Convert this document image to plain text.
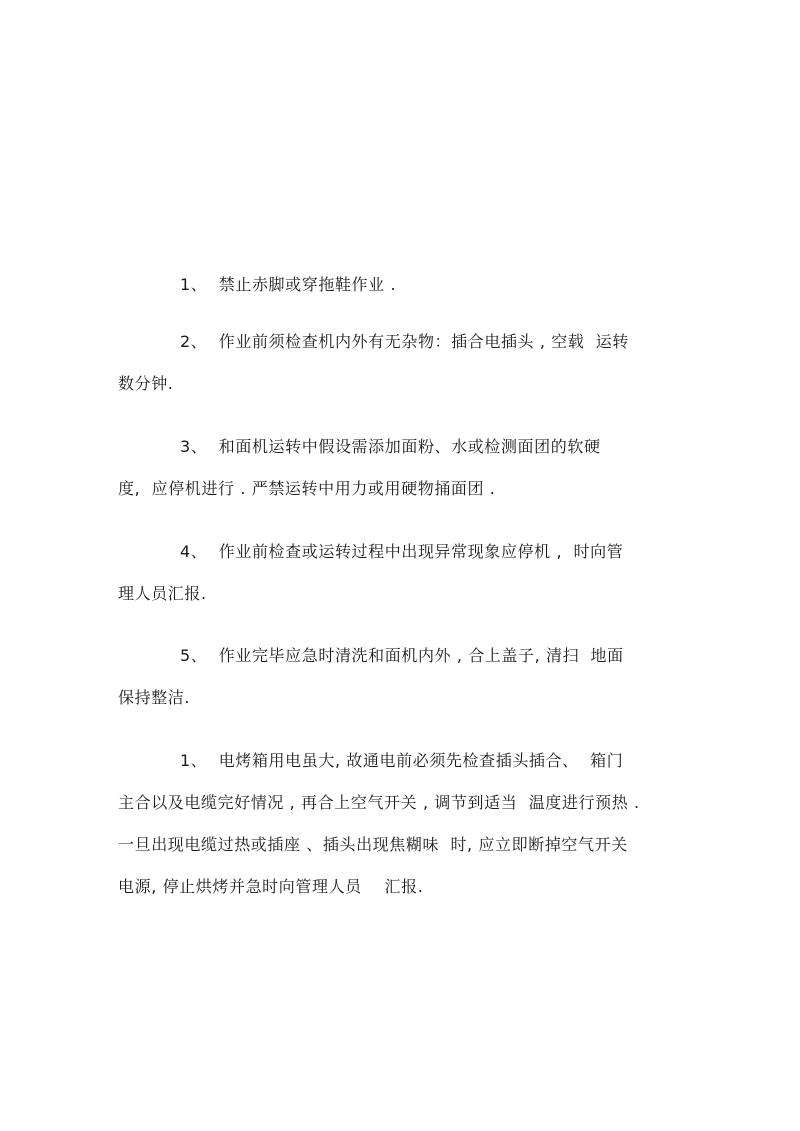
1、  禁止赤脚或穿拖鞋作业 .
2、  作业前须检查机内外有无杂物：插合电插头 , 空载  运转
数分钟.
3、  和面机运转中假设需添加面粉、水或检测面团的软硬
度,  应停机进行 . 严禁运转中用力或用硬物捅面团 .
4、  作业前检查或运转过程中出现异常现象应停机 ,  时向管
理人员汇报.
5、  作业完毕应急时清洗和面机内外 , 合上盖子, 清扫  地面
保持整洁.
1、  电烤箱用电虽大, 故通电前必须先检查插头插合、  箱门
主合以及电缆完好情况 , 再合上空气开关 , 调节到适当  温度进行预热 .
一旦出现电缆过热或插座 、插头出现焦糊味  时, 应立即断掉空气开关
电源, 停止烘烤并急时向管理人员    汇报.
